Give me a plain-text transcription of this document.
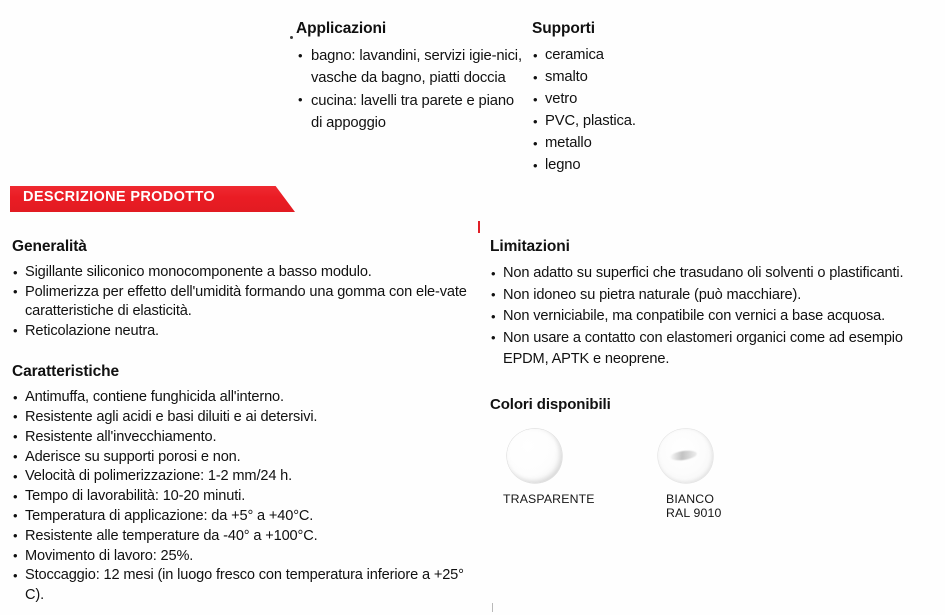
Applicazioni
• bagno: lavandini, servizi igie-nici, vasche da bagno, piatti doccia
• cucina: lavelli tra parete e piano di appoggio
Supporti
• ceramica
• smalto
• vetro
• PVC, plastica.
• metallo
• legno
DESCRIZIONE PRODOTTO
Generalità
• Sigillante siliconico monocomponente a basso modulo.
• Polimerizza per effetto dell'umidità formando una gomma con ele-vate caratteristiche di elasticità.
• Reticolazione neutra.
Caratteristiche
• Antimuffa, contiene funghicida all'interno.
• Resistente agli acidi e basi diluiti e ai detersivi.
• Resistente all'invecchiamento.
• Aderisce su supporti porosi e non.
• Velocità di polimerizzazione: 1-2 mm/24 h.
• Tempo di lavorabilità: 10-20 minuti.
• Temperatura di applicazione: da +5° a +40°C.
• Resistente alle temperature da -40° a +100°C.
• Movimento di lavoro: 25%.
• Stoccaggio: 12 mesi (in luogo fresco con temperatura inferiore a +25° C).
Limitazioni
• Non adatto su superfici che trasudano oli solventi o plastificanti.
• Non idoneo su pietra naturale (può macchiare).
• Non verniciabile, ma conpatibile con vernici a base acquosa.
• Non usare a contatto con elastomeri organici come ad esempio EPDM, APTK e neoprene.
Colori disponibili
TRASPARENTE	BIANCO
RAL 9010
